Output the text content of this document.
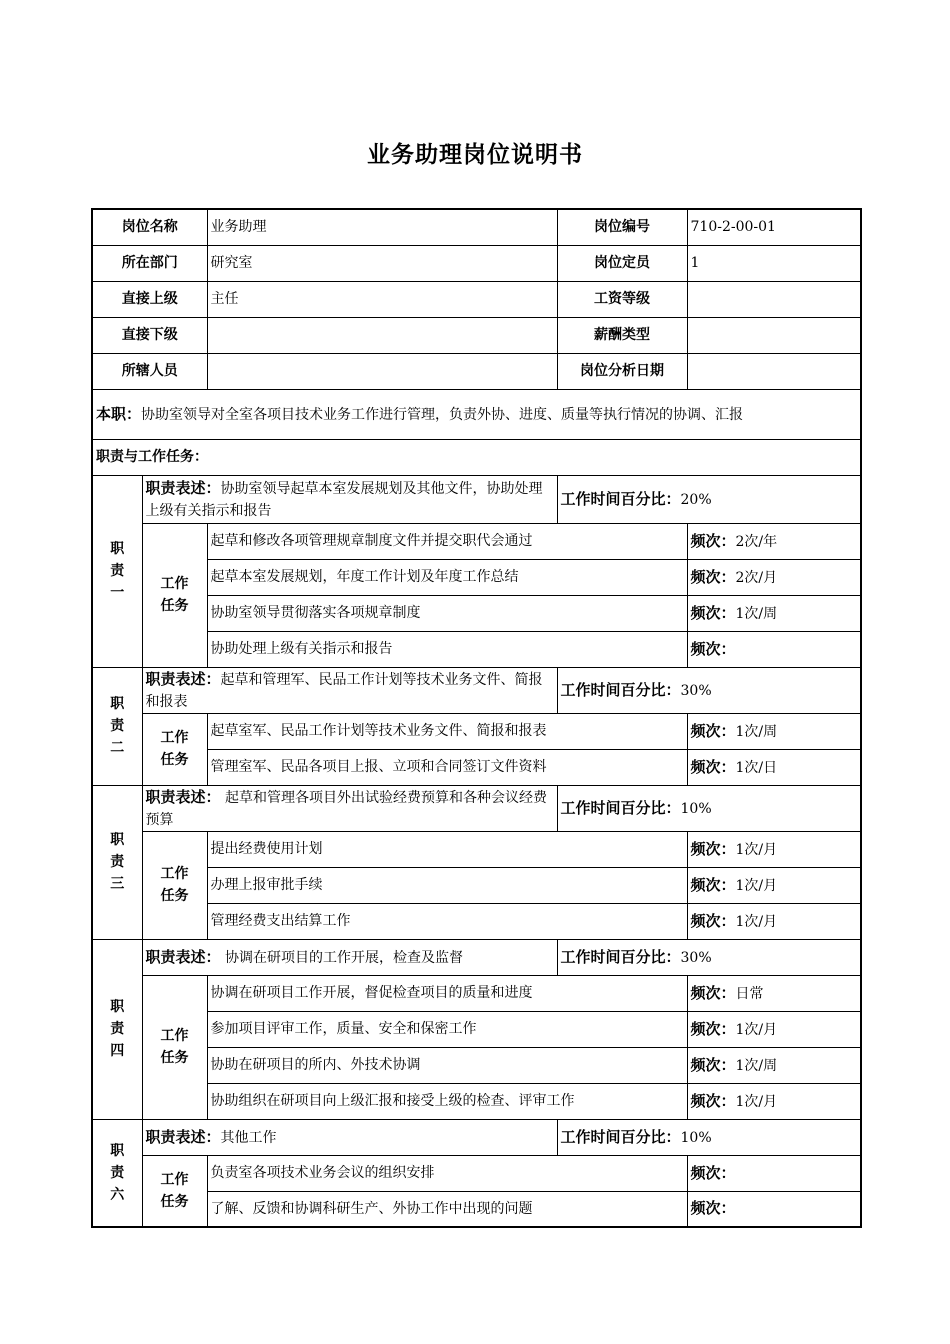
业务助理岗位说明书
岗位名称		业务助理	岗位编号	710-2-00-01
所在部门		研究室	岗位定员	1
直接上级		主任	工资等级	
直接下级			薪酬类型	
所辖人员			岗位分析日期	
本职：协助室领导对全室各项目技术业务工作进行管理，负责外协、进度、质量等执行情况的协调、汇报				
职责与工作任务：				
职责一	职责表述：协助室领导起草本室发展规划及其他文件，协助处理上级有关指示和报告		工作时间百分比：20%	
	工作任务	起草和修改各项管理规章制度文件并提交职代会通过		频次：2次/年
		起草本室发展规划，年度工作计划及年度工作总结		频次：2次/月
		协助室领导贯彻落实各项规章制度		频次：1次/周
		协助处理上级有关指示和报告		频次：
职责二	职责表述：起草和管理军、民品工作计划等技术业务文件、简报和报表		工作时间百分比：30%	
	工作任务	起草室军、民品工作计划等技术业务文件、简报和报表		频次：1次/周
		管理室军、民品各项目上报、立项和合同签订文件资料		频次：1次/日
职责三	职责表述： 起草和管理各项目外出试验经费预算和各种会议经费预算		工作时间百分比：10%	
	工作任务	提出经费使用计划		频次：1次/月
		办理上报审批手续		频次：1次/月
		管理经费支出结算工作		频次：1次/月
职责四	职责表述： 协调在研项目的工作开展，检查及监督		工作时间百分比：30%	
	工作任务	协调在研项目工作开展，督促检查项目的质量和进度		频次：日常
		参加项目评审工作，质量、安全和保密工作		频次：1次/月
		协助在研项目的所内、外技术协调		频次：1次/周
		协助组织在研项目向上级汇报和接受上级的检查、评审工作		频次：1次/月
职责六	职责表述：其他工作		工作时间百分比：10%	
	工作任务	负责室各项技术业务会议的组织安排		频次：
		了解、反馈和协调科研生产、外协工作中出现的问题		频次：
